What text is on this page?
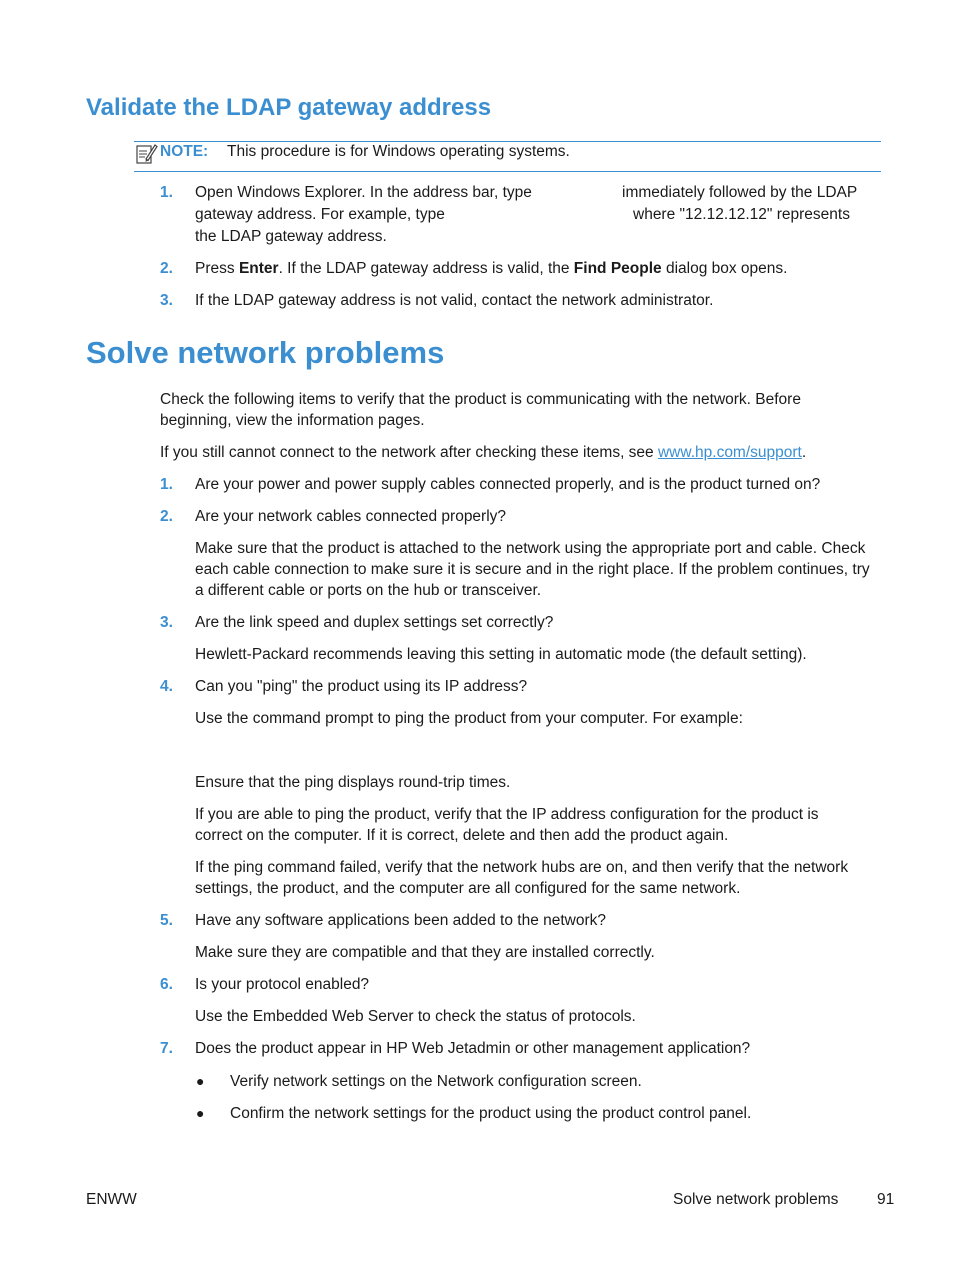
Validate the LDAP gateway address
NOTE: This procedure is for Windows operating systems.
1. Open Windows Explorer. In the address bar, type	immediately followed by the LDAP
gateway address. For example, type	where "12.12.12.12" represents
the LDAP gateway address.
2. Press Enter. If the LDAP gateway address is valid, the Find People dialog box opens.
3. If the LDAP gateway address is not valid, contact the network administrator.
Solve network problems
Check the following items to verify that the product is communicating with the network. Before
beginning, view the information pages.
If you still cannot connect to the network after checking these items, see www.hp.com/support.
1. Are your power and power supply cables connected properly, and is the product turned on?
2. Are your network cables connected properly?
Make sure that the product is attached to the network using the appropriate port and cable. Check
each cable connection to make sure it is secure and in the right place. If the problem continues, try
a different cable or ports on the hub or transceiver.
3. Are the link speed and duplex settings set correctly?
Hewlett-Packard recommends leaving this setting in automatic mode (the default setting).
4. Can you "ping" the product using its IP address?
Use the command prompt to ping the product from your computer. For example:
Ensure that the ping displays round-trip times.
If you are able to ping the product, verify that the IP address configuration for the product is
correct on the computer. If it is correct, delete and then add the product again.
If the ping command failed, verify that the network hubs are on, and then verify that the network
settings, the product, and the computer are all configured for the same network.
5. Have any software applications been added to the network?
Make sure they are compatible and that they are installed correctly.
6. Is your protocol enabled?
Use the Embedded Web Server to check the status of protocols.
7. Does the product appear in HP Web Jetadmin or other management application?
● Verify network settings on the Network configuration screen.
● Confirm the network settings for the product using the product control panel.
ENWW	Solve network problems 91
